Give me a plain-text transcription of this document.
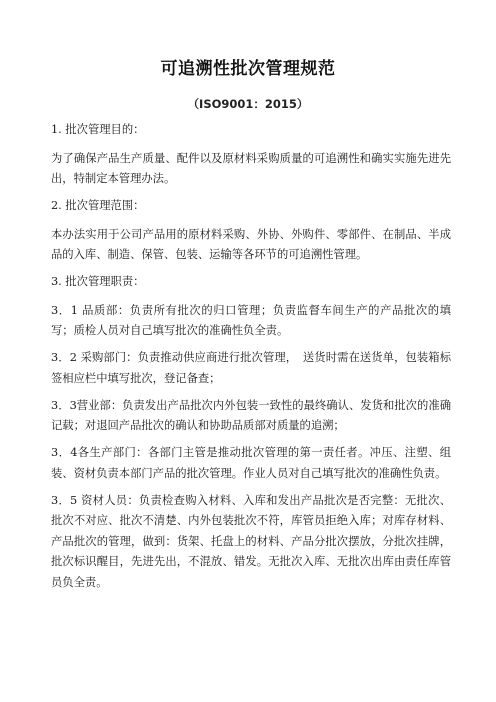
可追溯性批次管理规范
（ISO9001：2015）

1. 批次管理目的：

为了确保产品生产质量、配件以及原材料采购质量的可追溯性和确实实施先进先出，特制定本管理办法。

2. 批次管理范围：

本办法实用于公司产品用的原材料采购、外协、外购件、零部件、在制品、半成品的入库、制造、保管、包装、运输等各环节的可追溯性管理。

3. 批次管理职责：

3．1 品质部：负责所有批次的归口管理；负责监督车间生产的产品批次的填写；质检人员对自己填写批次的准确性负全责。

3．2 采购部门：负责推动供应商进行批次管理，　送货时需在送货单，包装箱标签相应栏中填写批次，登记备查；

3．3营业部：负责发出产品批次内外包装一致性的最终确认、发货和批次的准确记载；对退回产品批次的确认和协助品质部对质量的追溯；

3．4各生产部门：各部门主管是推动批次管理的第一责任者。冲压、注塑、组装、资材负责本部门产品的批次管理。作业人员对自己填写批次的准确性负责。

3．5 资材人员：负责检查购入材料、入库和发出产品批次是否完整：无批次、批次不对应、批次不清楚、内外包装批次不符，库管员拒绝入库；对库存材料、产品批次的管理，做到：货架、托盘上的材料、产品分批次摆放，分批次挂牌，批次标识醒目，先进先出，不混放、错发。无批次入库、无批次出库由责任库管员负全责。
